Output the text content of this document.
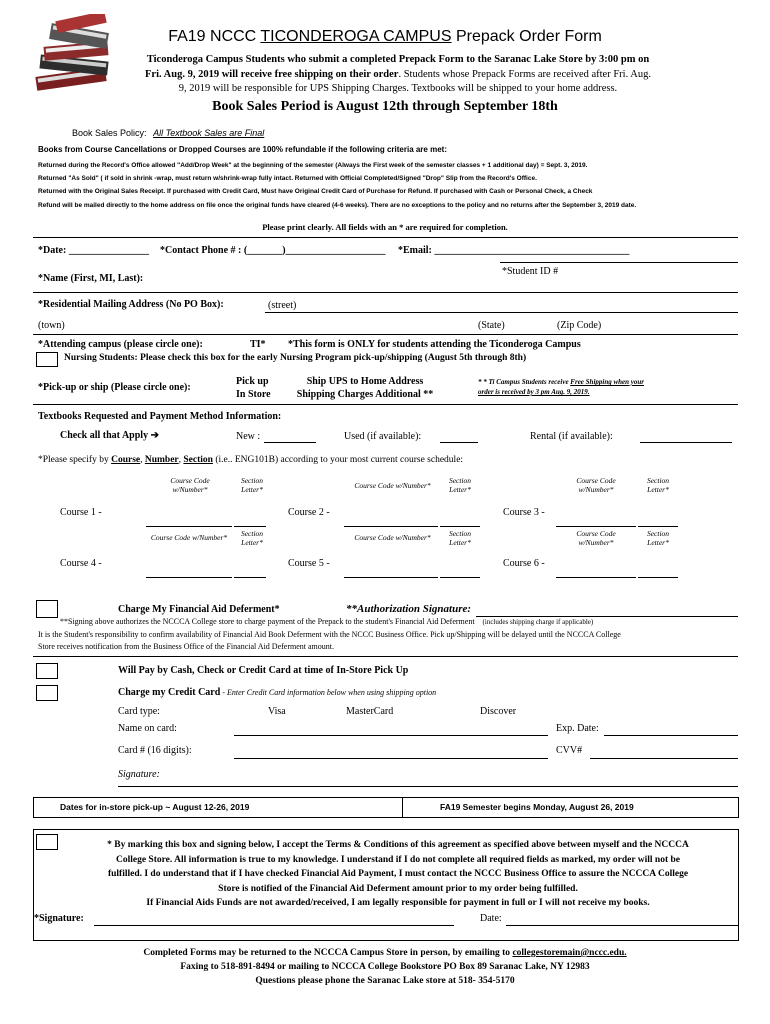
FA19 NCCC TICONDEROGA CAMPUS Prepack Order Form
Ticonderoga Campus Students who submit a completed Prepack Form to the Saranac Lake Store by 3:00 pm on
Fri. Aug. 9, 2019 will receive free shipping on their order. Students whose Prepack Forms are received after Fri. Aug.
9, 2019 will be responsible for UPS Shipping Charges. Textbooks will be shipped to your home address.
Book Sales Period is August 12th through September 18th
Book Sales Policy: All Textbook Sales are Final
Books from Course Cancellations or Dropped Courses are 100% refundable if the following criteria are met:
Returned during the Record's Office allowed "Add/Drop Week" at the beginning of the semester (Always the First week of the semester classes + 1 additional day) = Sept. 3, 2019.
Returned "As Sold" ( if sold in shrink -wrap, must return w/shrink-wrap fully intact. Returned with Official Completed/Signed "Drop" Slip from the Record's Office.
Returned with the Original Sales Receipt. If purchased with Credit Card, Must have Original Credit Card of Purchase for Refund. If purchased with Cash or Personal Check, a Check
Refund will be mailed directly to the home address on file once the original funds have cleared (4-6 weeks). There are no exceptions to the policy and no returns after the September 3, 2019 date.
Please print clearly. All fields with an * are required for completion.
*Date: ________________ *Contact Phone # : (_______)____________________ *Email: _______________________________________
*Student ID #
*Name (First, MI, Last):
*Residential Mailing Address (No PO Box):	(street)
(town)	(State)	(Zip Code)
*Attending campus (please circle one):	TI* *This form is ONLY for students attending the Ticonderoga Campus
Nursing Students: Please check this box for the early Nursing Program pick-up/shipping (August 5th through 8th)
*Pick-up or ship (Please circle one):
Pick up
In Store
Ship UPS to Home Address
Shipping Charges Additional **
* * Ti Campus Students receive Free Shipping when your
order is received by 3 pm Aug. 9, 2019.
Textbooks Requested and Payment Method Information:
Check all that Apply ➔	New :	Used (if available):	Rental (if available):
*Please specify by Course, Number, Section (i.e.. ENG101B) according to your most current course schedule:
Course Code w/Number*
Section Letter*	Course Code w/Number*
Section Letter*
Course Code w/Number*
Section Letter*
Course 1 -	Course 2 -	Course 3 -
Course Code w/Number*	Section Letter*
Course Code w/Number*	Section Letter*
Course Code w/Number*
Section Letter*
Course 4 -	Course 5 -	Course 6 -
Charge My Financial Aid Deferment*	**Authorization Signature:
**Signing above authorizes the NCCCA College store to charge payment of the Prepack to the student's Financial Aid Deferment (includes shipping charge if applicable)
It is the Student's responsibility to confirm availability of Financial Aid Book Deferment with the NCCC Business Office. Pick up/Shipping will be delayed until the NCCCA College
Store receives notification from the Business Office of the Financial Aid Deferment amount.
Will Pay by Cash, Check or Credit Card at time of In-Store Pick Up
Charge my Credit Card - Enter Credit Card information below when using shipping option
Card type:	Visa	MasterCard	Discover
Name on card:	Exp. Date:
Card # (16 digits):	CVV#
Signature:
Dates for in-store pick-up ~ August 12-26, 2019	FA19 Semester begins Monday, August 26, 2019
* By marking this box and signing below, I accept the Terms & Conditions of this agreement as specified above between myself and the NCCCA
College Store. All information is true to my knowledge. I understand if I do not complete all required fields as marked, my order will not be
fulfilled. I do understand that if I have checked Financial Aid Payment, I must contact the NCCC Business Office to assure the NCCCA College
Store is notified of the Financial Aid Deferment amount prior to my order being fulfilled.
If Financial Aids Funds are not awarded/received, I am legally responsible for payment in full or I will not receive my books.
*Signature:	Date:
Completed Forms may be returned to the NCCCA Campus Store in person, by emailing to collegestoremain@nccc.edu.
Faxing to 518-891-8494 or mailing to NCCCA College Bookstore PO Box 89 Saranac Lake, NY 12983
Questions please phone the Saranac Lake store at 518- 354-5170
